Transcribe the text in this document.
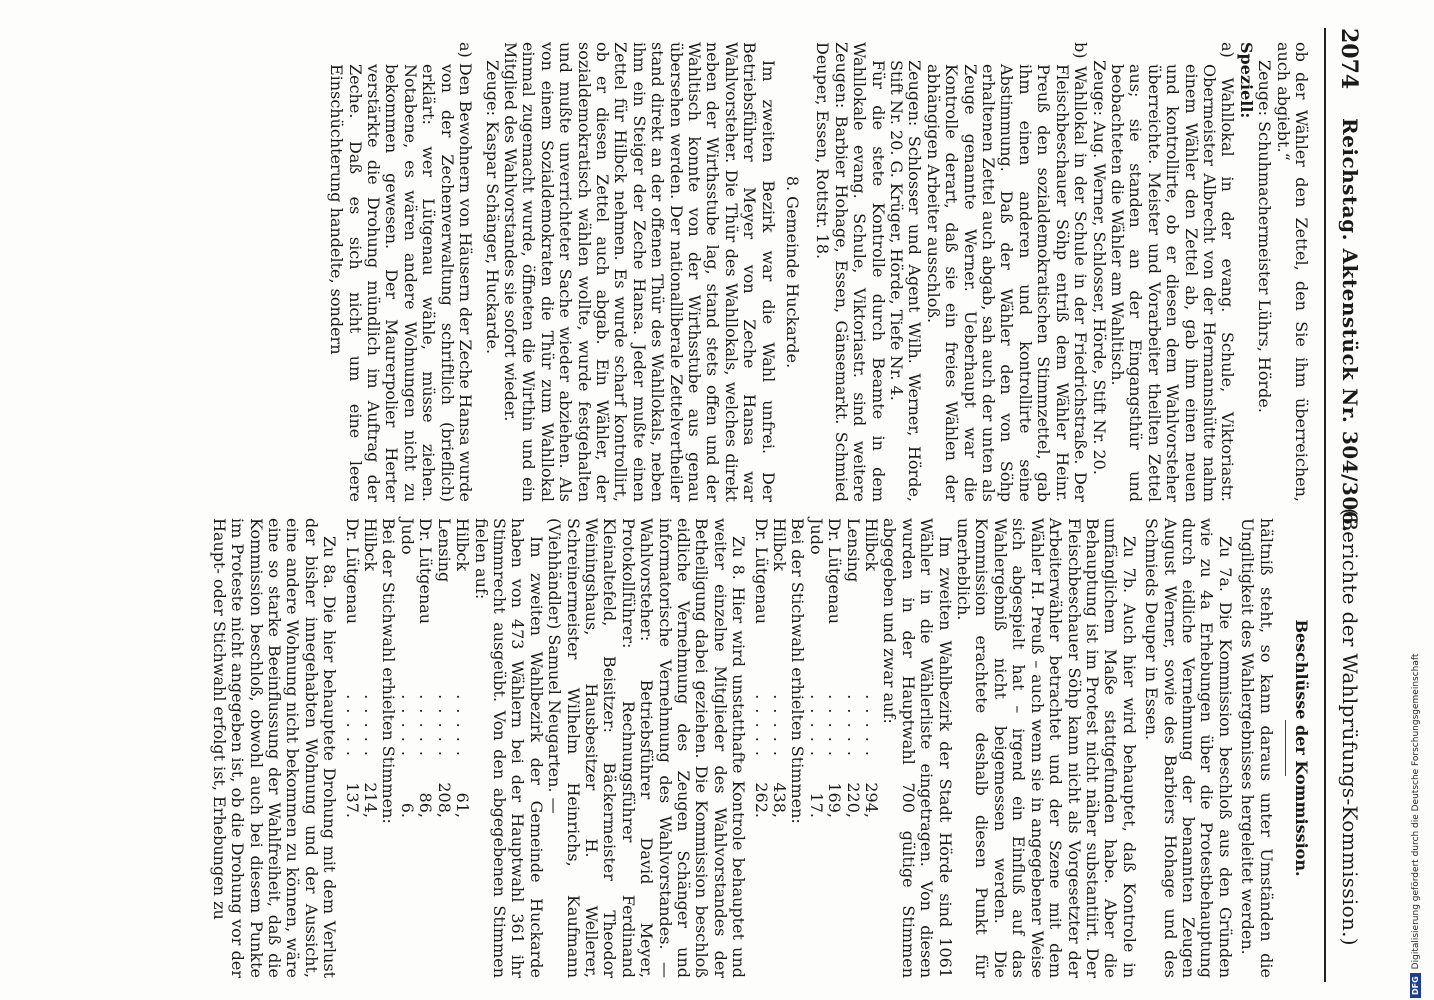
2074
Reichstag. Aktenstück Nr. 304/306.
(Berichte der Wahlprüfungs-Kommission.)
ob der Wähler den Zettel, den Sie ihm überreichen, auch abgiebt.“
Zeuge: Schuhmachermeister Lührs, Hörde.
Speziell:
a) Wahllokal in der evang. Schule, Viktoriastr. Obermeister Albrecht von der Hermannshütte nahm einem Wähler den Zettel ab, gab ihm einen neuen und kontrollirte, ob er diesen dem Wahlvorsteher überreichte. Meister und Vorarbeiter theilten Zettel aus; sie standen an der Eingangsthür und beobachteten die Wähler am Wahltisch.
Zeuge: Aug. Werner, Schlosser, Hörde, Stift Nr. 20.
b) Wahllokal in der Schule in der Friedrichstraße. Der Fleischbeschauer Söhp entriß dem Wähler Heinr. Preuß den sozialdemokratischen Stimmzettel, gab ihm einen anderen und kontrollirte seine Abstimmung. Daß der Wähler den von Söhp erhaltenen Zettel auch abgab, sah auch der unten als Zeuge genannte Werner. Ueberhaupt war die Kontrolle derart, daß sie ein freies Wählen der abhängigen Arbeiter ausschloß.
Zeugen: Schlosser und Agent Wilh. Werner, Hörde, Stift Nr. 20. G. Krüger, Hörde, Tiefe Nr. 4.
Für die stete Kontrolle durch Beamte in dem Wahllokale evang. Schule, Viktoriastr. sind weitere Zeugen: Barbier Hohage, Essen, Gänsemarkt. Schmied Deuper, Essen, Rottstr. 18.
8. Gemeinde Huckarde.
Im zweiten Bezirk war die Wahl unfrei. Der Betriebsführer Meyer von Zeche Hansa war Wahlvorsteher. Die Thür des Wahllokals, welches direkt neben der Wirthsstube lag, stand stets offen und der Wahltisch konnte von der Wirthsstube aus genau übersehen werden. Der nationalliberale Zettelvertheiler stand direkt an der offenen Thür des Wahllokals, neben ihm ein Steiger der Zeche Hansa. Jeder mußte einen Zettel für Hilbck nehmen. Es wurde scharf kontrollirt, ob er diesen Zettel auch abgab. Ein Wähler, der sozialdemokratisch wählen wollte, wurde festgehalten und mußte unverrichteter Sache wieder abziehen. Als von einem Sozialdemokraten die Thür zum Wahllokal einmal zugemacht wurde, öffneten die Wirthin und ein Mitglied des Wahlvorstandes sie sofort wieder.
Zeuge: Kaspar Schänger, Huckarde.
a) Den Bewohnern von Häusern der Zeche Hansa wurde von der Zechenverwaltung schriftlich (brieflich) erklärt: wer Lütgenau wähle, müsse ziehen. Notabene, es wären andere Wohnungen nicht zu bekommen gewesen. Der Maurerpolier Herter verstärkte die Drohung mündlich im Auftrag der Zeche. Daß es sich nicht um eine leere Einschüchterung handelte, sondern
Beschlüsse der Kommission.
hältniß steht, so kann daraus unter Umständen die Ungiltigkeit des Wahlergebnisses hergeleitet werden.
Zu 7a. Die Kommission beschloß aus den Gründen wie zu 4a Erhebungen über die Protestbehauptung durch eidliche Vernehmung der benannten Zeugen August Werner, sowie des Barbiers Hohage und des Schmieds Deuper in Essen.
Zu 7b. Auch hier wird behauptet, daß Kontrole in umfänglichem Maße stattgefunden habe. Aber die Behauptung ist im Protest nicht näher substantiirt. Der Fleischbeschauer Söhp kann nicht als Vorgesetzter der Arbeiterwähler betrachtet und der Szene mit dem Wähler H. Preuß – auch wenn sie in angegebener Weise sich abgespielt hat – irgend ein Einfluß auf das Wahlergebniß nicht beigemessen werden. Die Kommission erachtete deshalb diesen Punkt für unerheblich.
Im zweiten Wahlbezirk der Stadt Hörde sind 1061 Wähler in die Wählerliste eingetragen. Von diesen wurden in der Hauptwahl 700 gültige Stimmen abgegeben und zwar auf:
Hilbck
. . . . .
294,
Lensing
. . . . .
220,
Dr. Lütgenau
. . . . .
169,
Judo
. . . . .
17.
Bei der Stichwahl erhielten Stimmen:
Hilbck
. . . . .
438,
Dr. Lütgenau
. . . . .
262.
Zu 8. Hier wird unstatthafte Kontrole behauptet und weiter einzelne Mitglieder des Wahlvorstandes der Betheiligung dabei geziehen. Die Kommission beschloß eidliche Vernehmung des Zeugen Schänger und informatorische Vernehmung des Wahlvorstandes. — Wahlvorsteher: Betriebsführer David Meyer, Protokollführer: Rechnungsführer Ferdinand Kleinaltefeld, Beisitzer: Bäckermeister Theodor Weiningshaus, Hausbesitzer H. Wellerer, Schreinermeister Wilhelm Heinrichs, Kaufmann (Viehhändler) Samuel Neugarten. —
Im zweiten Wahlbezirk der Gemeinde Huckarde haben von 473 Wählern bei der Hauptwahl 361 ihr Stimmrecht ausgeübt. Von den abgegebenen Stimmen fielen auf:
Hilbck
. . . . .
61,
Lensing
. . . . .
208,
Dr. Lütgenau
. . . . .
86,
Judo
. . . . .
6.
Bei der Stichwahl erhielten Stimmen:
Hilbck
. . . . .
214,
Dr. Lütgenau
. . . . .
137.
Zu 8a. Die hier behauptete Drohung mit dem Verlust der bisher innegehabten Wohnung und der Aussicht, eine andere Wohnung nicht bekommen zu können, wäre eine so starke Beeinflussung der Wahlfreiheit, daß die Kommission beschloß, obwohl auch bei diesem Punkte im Proteste nicht angegeben ist, ob die Drohung vor der Haupt- oder Stichwahl erfolgt ist, Erhebungen zu
DFG
Digitalisierung gefördert durch die Deutsche Forschungsgemeinschaft
